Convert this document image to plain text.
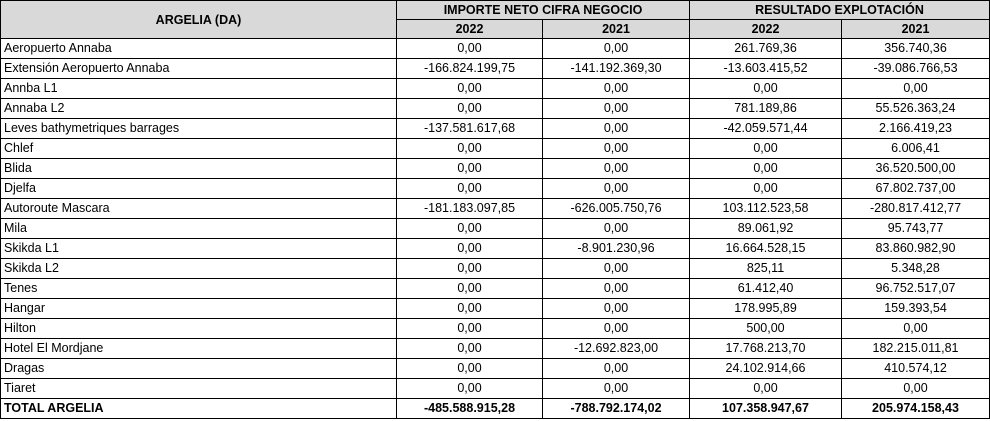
ARGELIA (DA)	IMPORTE NETO CIFRA NEGOCIO		RESULTADO EXPLOTACIÓN	
	2022	2021	2022	2021
Aeropuerto Annaba	0,00	0,00	261.769,36	356.740,36
Extensión Aeropuerto Annaba	-166.824.199,75	-141.192.369,30	-13.603.415,52	-39.086.766,53
Annba L1	0,00	0,00	0,00	0,00
Annaba L2	0,00	0,00	781.189,86	55.526.363,24
Leves bathymetriques barrages	-137.581.617,68	0,00	-42.059.571,44	2.166.419,23
Chlef	0,00	0,00	0,00	6.006,41
Blida	0,00	0,00	0,00	36.520.500,00
Djelfa	0,00	0,00	0,00	67.802.737,00
Autoroute Mascara	-181.183.097,85	-626.005.750,76	103.112.523,58	-280.817.412,77
Mila	0,00	0,00	89.061,92	95.743,77
Skikda L1	0,00	-8.901.230,96	16.664.528,15	83.860.982,90
Skikda L2	0,00	0,00	825,11	5.348,28
Tenes	0,00	0,00	61.412,40	96.752.517,07
Hangar	0,00	0,00	178.995,89	159.393,54
Hilton	0,00	0,00	500,00	0,00
Hotel El Mordjane	0,00	-12.692.823,00	17.768.213,70	182.215.011,81
Dragas	0,00	0,00	24.102.914,66	410.574,12
Tiaret	0,00	0,00	0,00	0,00
TOTAL ARGELIA	-485.588.915,28	-788.792.174,02	107.358.947,67	205.974.158,43
